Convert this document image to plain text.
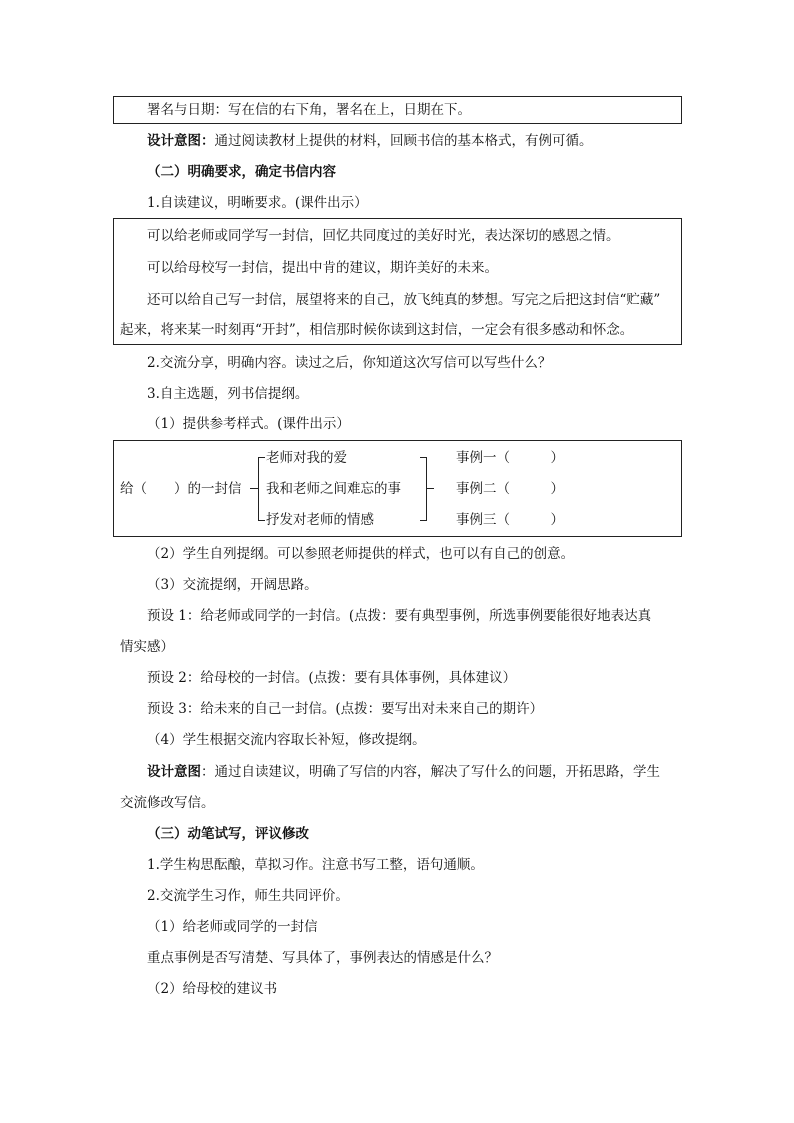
署名与日期：写在信的右下角，署名在上，日期在下。
设计意图：通过阅读教材上提供的材料，回顾书信的基本格式，有例可循。
（二）明确要求，确定书信内容
1.自读建议，明晰要求。(课件出示）
可以给老师或同学写一封信，回忆共同度过的美好时光，表达深切的感恩之情。
可以给母校写一封信，提出中肯的建议，期许美好的未来。
还可以给自己写一封信，展望将来的自己，放飞纯真的梦想。写完之后把这封信“贮藏”
起来，将来某一时刻再“开封”，相信那时候你读到这封信，一定会有很多感动和怀念。
2.交流分享，明确内容。读过之后，你知道这次写信可以写些什么？
3.自主选题，列书信提纲。
（1）提供参考样式。(课件出示）
给（　　）的一封信
老师对我的爱
我和老师之间难忘的事
抒发对老师的情感
事例一（　　　）
事例二（　　　）
事例三（　　　）
（2）学生自列提纲。可以参照老师提供的样式，也可以有自己的创意。
（3）交流提纲，开阔思路。
预设 1：给老师或同学的一封信。(点拨：要有典型事例，所选事例要能很好地表达真
情实感）
预设 2：给母校的一封信。(点拨：要有具体事例，具体建议）
预设 3：给未来的自己一封信。(点拨：要写出对未来自己的期许）
（4）学生根据交流内容取长补短，修改提纲。
设计意图：通过自读建议，明确了写信的内容，解决了写什么的问题，开拓思路，学生
交流修改写信。
（三）动笔试写，评议修改
1.学生构思酝酿，草拟习作。注意书写工整，语句通顺。
2.交流学生习作，师生共同评价。
（1）给老师或同学的一封信
重点事例是否写清楚、写具体了，事例表达的情感是什么？
（2）给母校的建议书
